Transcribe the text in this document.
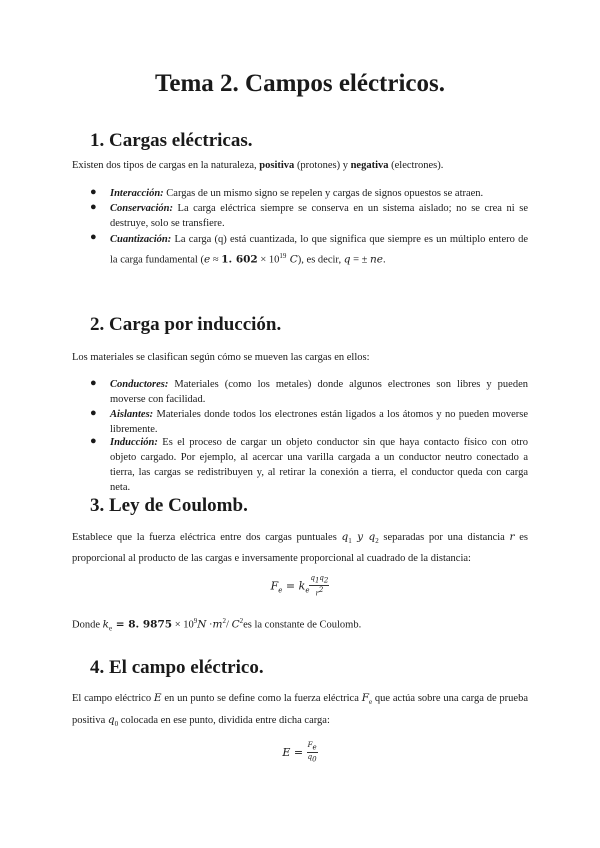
Tema 2. Campos eléctricos.
1. Cargas eléctricas.
Existen dos tipos de cargas en la naturaleza, positiva (protones) y negativa (electrones).
● Interacción: Cargas de un mismo signo se repelen y cargas de signos opuestos se atraen.
● Conservación: La carga eléctrica siempre se conserva en un sistema aislado; no se crea ni se destruye, solo se transfiere.
● Cuantización: La carga (q) está cuantizada, lo que significa que siempre es un múltiplo entero de la carga fundamental (e ≈ 1. $602 \times 10^{19}$ C), es decir, q = ± ne.
2. Carga por inducción.
Los materiales se clasifican según cómo se mueven las cargas en ellos:
● Conductores: Materiales (como los metales) donde algunos electrones son libres y pueden moverse con facilidad.
● Aislantes: Materiales donde todos los electrones están ligados a los átomos y no pueden moverse libremente.
● Inducción: Es el proceso de cargar un objeto conductor sin que haya contacto físico con otro objeto cargado. Por ejemplo, al acercar una varilla cargada a un conductor neutro conectado a tierra, las cargas se redistribuyen y, al retirar la conexión a tierra, el conductor queda con carga neta.
3. Ley de Coulomb.
Establece que la fuerza eléctrica entre dos cargas puntuales $q_1$ y $q_2$ separadas por una distancia r es proporcional al producto de las cargas e inversamente proporcional al cuadrado de la distancia:
$F_e = k_e \frac{q_1q_2}{r^2}$
Donde $k_e = 8$. $9875 \times 10^9N \cdot m^2/$ $C^2es$ la constante de Coulomb.
4. El campo eléctrico.
El campo eléctrico E en un punto se define como la fuerza eléctrica $F_e$ que actúa sobre una carga de prueba positiva $q_0$ colocada en ese punto, dividida entre dicha carga:
$E = \frac{F_e}{q_0}$
